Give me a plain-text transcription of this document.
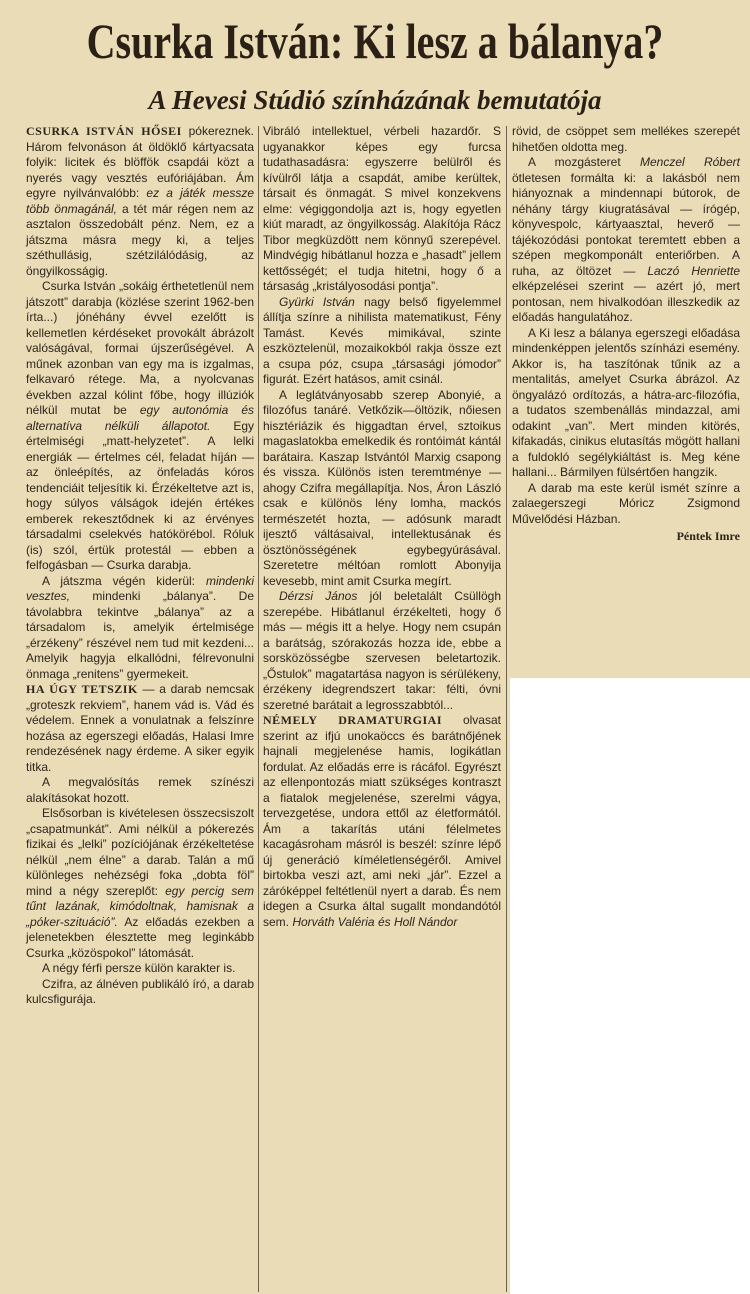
Csurka István: Ki lesz a bálanya?
A Hevesi Stúdió színházának bemutatója

CSURKA ISTVÁN HŐSEI pókereznek. Három felvonáson át öldöklő kártyacsata folyik: licitek és blöffök csapdái közt a nyerés vagy vesztés eufóriájában. Ám egyre nyilvánvalóbb: ez a játék messze több önmagánál, a tét már régen nem az asztalon összedobált pénz. Nem, ez a játszma másra megy ki, a teljes széthullásig, szétzilálódásig, az öngyilkosságig.

Csurka István „sokáig érthetetlenül nem játszott” darabja (közlése szerint 1962-ben írta...) jónéhány évvel ezelőtt is kellemetlen kérdéseket provokált ábrázolt valóságával, formai újszerűségével. A műnek azonban van egy ma is izgalmas, felkavaró rétege. Ma, a nyolcvanas években azzal kólint főbe, hogy illúziók nélkül mutat be egy autonómia és alternatíva nélküli állapotot. Egy értelmiségi „matt-helyzetet”. A lelki energiák — értelmes cél, feladat híján — az önleépítés, az önfeladás kóros tendenciáit teljesítik ki. Érzékeltetve azt is, hogy súlyos válságok idején értékes emberek rekesztődnek ki az érvényes társadalmi cselekvés hatókörébol. Róluk (is) szól, értük protestál — ebben a felfogásban — Csurka darabja.

A játszma végén kiderül: mindenki vesztes, mindenki „bálanya”. De távolabbra tekintve „bálanya” az a társadalom is, amelyik értelmisége „érzékeny” részével nem tud mit kezdeni... Amelyik hagyja elkallódni, félrevonulni önmaga „renitens” gyermekeit.

HA ÚGY TETSZIK — a darab nemcsak „groteszk rekviem”, hanem vád is. Vád és védelem. Ennek a vonulatnak a felszínre hozása az egerszegi előadás, Halasi Imre rendezésének nagy érdeme. A siker egyik titka.

A megvalósítás remek színészi alakításokat hozott.

Elsősorban is kivételesen összecsiszolt „csapatmunkát”. Ami nélkül a pókerezés fizikai és „lelki” pozíciójának érzékeltetése nélkül „nem élne” a darab. Talán a mű különleges nehézségi foka „dobta föl” mind a négy szereplőt: egy percig sem tűnt lazának, kimódoltnak, hamisnak a „póker-szituáció”. Az előadás ezekben a jelenetekben élesztette meg leginkább Csurka „közöspokol” látomását.

A négy férfi persze külön karakter is.

Czifra, az álnéven publikáló író, a darab kulcsfigurája.

Vibráló intellektuel, vérbeli hazardőr. S ugyanakkor képes egy furcsa tudathasadásra: egyszerre belülről és kívülről látja a csapdát, amibe kerültek, társait és önmagát. S mivel konzekvens elme: végiggondolja azt is, hogy egyetlen kiút maradt, az öngyilkosság. Alakítója Rácz Tibor megküzdött nem könnyű szerepével. Mindvégig hibátlanul hozza e „hasadt” jellem kettősségét; el tudja hitetni, hogy ő a társaság „kristályosodási pontja”.

Gyürki István nagy belső figyelemmel állítja színre a nihilista matematikust, Fény Tamást. Kevés mimikával, szinte eszköztelenül, mozaikokból rakja össze ezt a csupa póz, csupa „társasági jómodor” figurát. Ezért hatásos, amit csinál.

A leglátványosabb szerep Abonyié, a filozófus tanáré. Vetkőzik—öltözik, nőiesen hisztériázik és higgadtan érvel, sztoikus magaslatokba emelkedik és rontóimát kántál barátaira. Kaszap Istvántól Marxig csapong és vissza. Különös isten teremtménye — ahogy Czifra megállapítja. Nos, Áron László csak e különös lény lomha, mackós természetét hozta, — adósunk maradt ijesztő váltásaival, intellektusának és ösztönösségének egybegyúrásával. Szeretetre méltóan romlott Abonyija kevesebb, mint amit Csurka megírt.

Dérzsi János jól beletalált Csüllögh szerepébe. Hibátlanul érzékelteti, hogy ő más — mégis itt a helye. Hogy nem csupán a barátság, szórakozás hozza ide, ebbe a sorsközösségbe szervesen beletartozik. „Őstulok” magatartása nagyon is sérülékeny, érzékeny idegrendszert takar: félti, óvni szeretné barátait a legrosszabbtól...

NÉMELY DRAMATURGIAI olvasat szerint az ifjú unokaöccs és barátnőjének hajnali megjelenése hamis, logikátlan fordulat. Az előadás erre is rácáfol. Egyrészt az ellenpontozás miatt szükséges kontraszt a fiatalok megjelenése, szerelmi vágya, tervezgetése, undora ettől az életformától. Ám a takarítás utáni félelmetes kacagásroham másról is beszél: színre lépő új generáció kíméletlenségéről. Amivel birtokba veszi azt, ami neki „jár”. Ezzel a záróképpel feltétlenül nyert a darab. És nem idegen a Csurka által sugallt mondandótól sem. Horváth Valéria és Holl Nándor

rövid, de csöppet sem mellékes szerepét hihetően oldotta meg.

A mozgásteret Menczel Róbert ötletesen formálta ki: a lakásból nem hiányoznak a mindennapi bútorok, de néhány tárgy kiugratásával — írógép, könyvespolc, kártyaasztal, heverő — tájékozódási pontokat teremtett ebben a szépen megkomponált enteriőrben. A ruha, az öltözet — Laczó Henriette elképzelései szerint — azért jó, mert pontosan, nem hivalkodóan illeszkedik az előadás hangulatához.

A Ki lesz a bálanya egerszegi előadása mindenképpen jelentős színházi esemény. Akkor is, ha taszítónak tűnik az a mentalitás, amelyet Csurka ábrázol. Az öngyalázó ordítozás, a hátra-arc-filozófia, a tudatos szembenállás mindazzal, ami odakint „van”. Mert minden kitörés, kifakadás, cinikus elutasítás mögött hallani a fuldokló segélykiáltást is. Meg kéne hallani... Bármilyen fülsértően hangzik.

A darab ma este kerül ismét színre a zalaegerszegi Móricz Zsigmond Művelődési Házban.

Péntek Imre
